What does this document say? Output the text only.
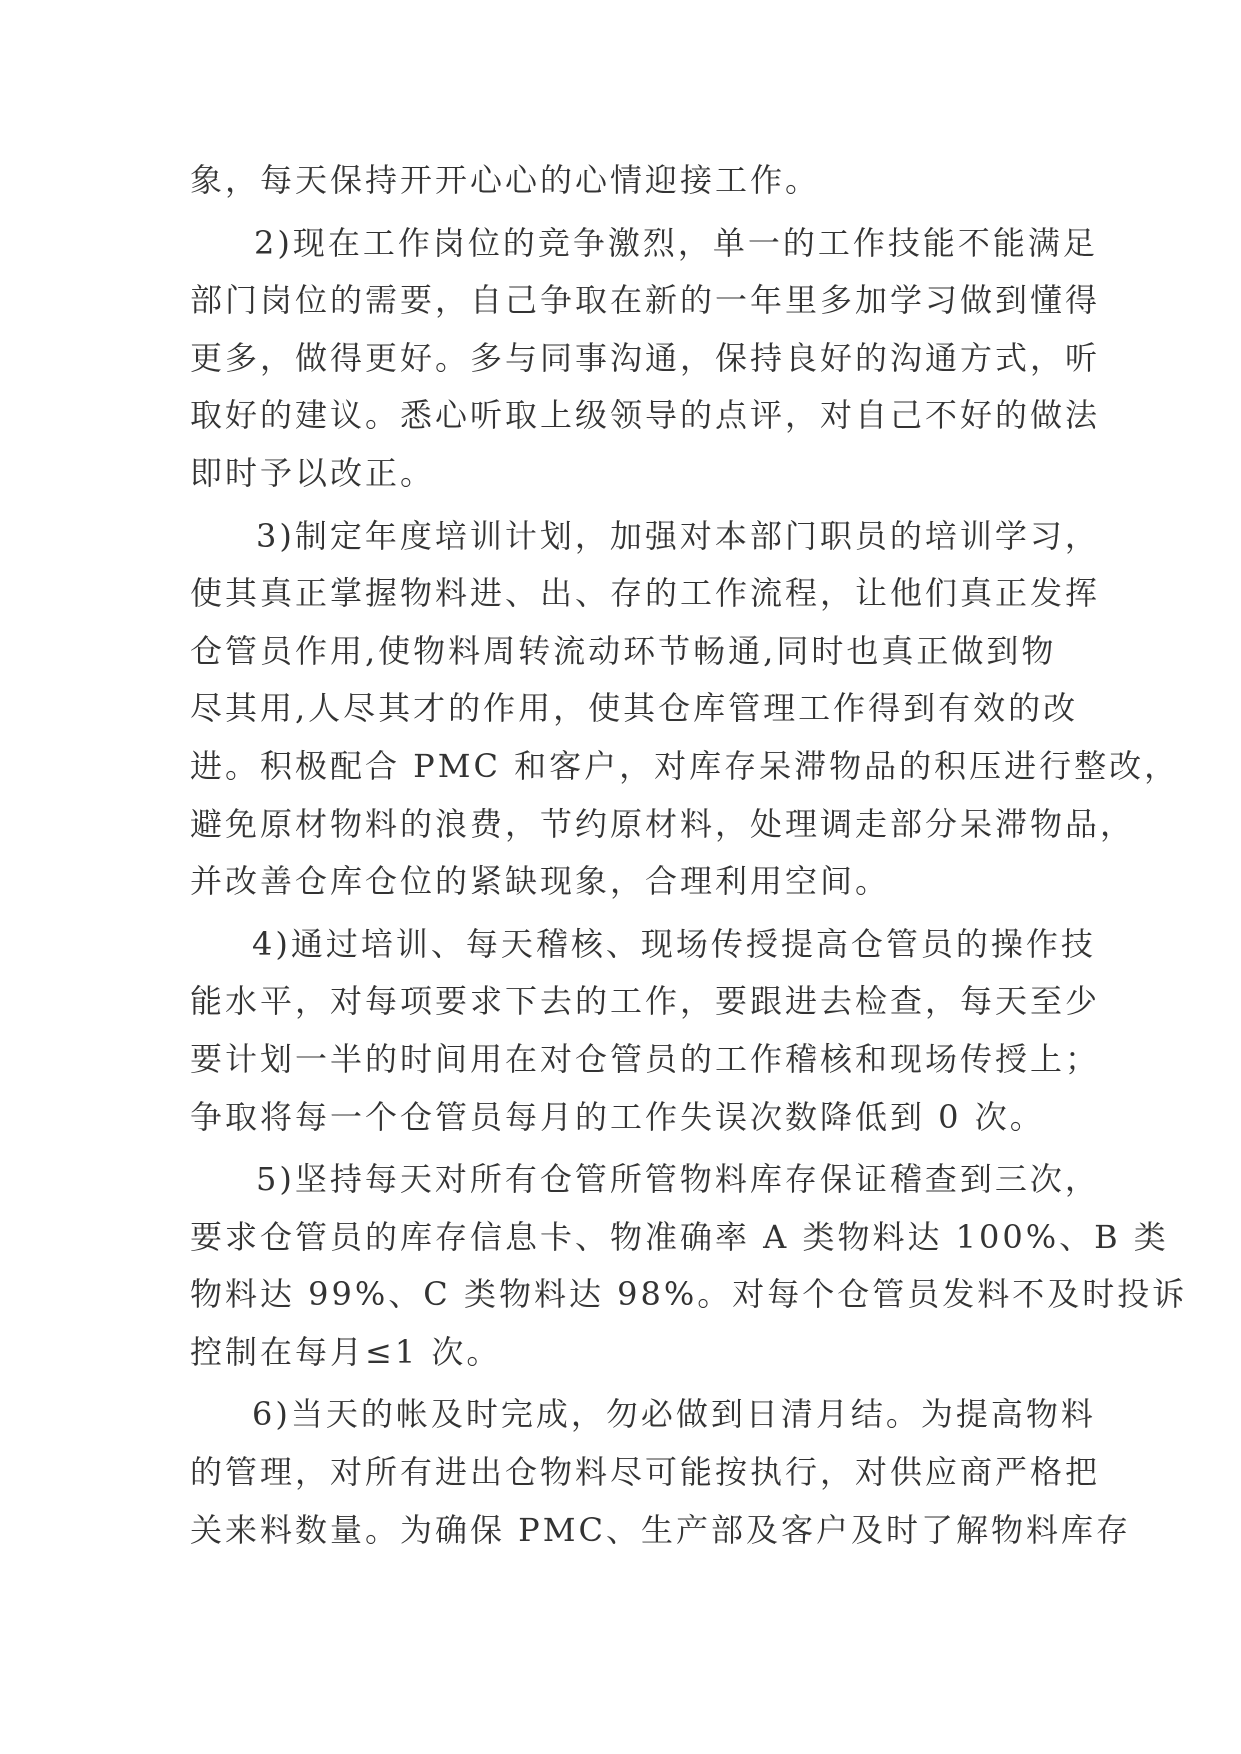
象，每天保持开开心心的心情迎接工作。
2)现在工作岗位的竞争激烈，单一的工作技能不能满足
部门岗位的需要，自己争取在新的一年里多加学习做到懂得
更多，做得更好。多与同事沟通，保持良好的沟通方式，听
取好的建议。悉心听取上级领导的点评，对自己不好的做法
即时予以改正。
3)制定年度培训计划，加强对本部门职员的培训学习，
使其真正掌握物料进、出、存的工作流程，让他们真正发挥
仓管员作用,使物料周转流动环节畅通,同时也真正做到物
尽其用,人尽其才的作用，使其仓库管理工作得到有效的改
进。积极配合 PMC 和客户，对库存呆滞物品的积压进行整改，
避免原材物料的浪费，节约原材料，处理调走部分呆滞物品，
并改善仓库仓位的紧缺现象，合理利用空间。
4)通过培训、每天稽核、现场传授提高仓管员的操作技
能水平，对每项要求下去的工作，要跟进去检查，每天至少
要计划一半的时间用在对仓管员的工作稽核和现场传授上；
争取将每一个仓管员每月的工作失误次数降低到 0 次。
5)坚持每天对所有仓管所管物料库存保证稽查到三次，
要求仓管员的库存信息卡、物准确率 A 类物料达 100%、B 类
物料达 99%、C 类物料达 98%。对每个仓管员发料不及时投诉
控制在每月≤1 次。
6)当天的帐及时完成，勿必做到日清月结。为提高物料
的管理，对所有进出仓物料尽可能按执行，对供应商严格把
关来料数量。为确保 PMC、生产部及客户及时了解物料库存
